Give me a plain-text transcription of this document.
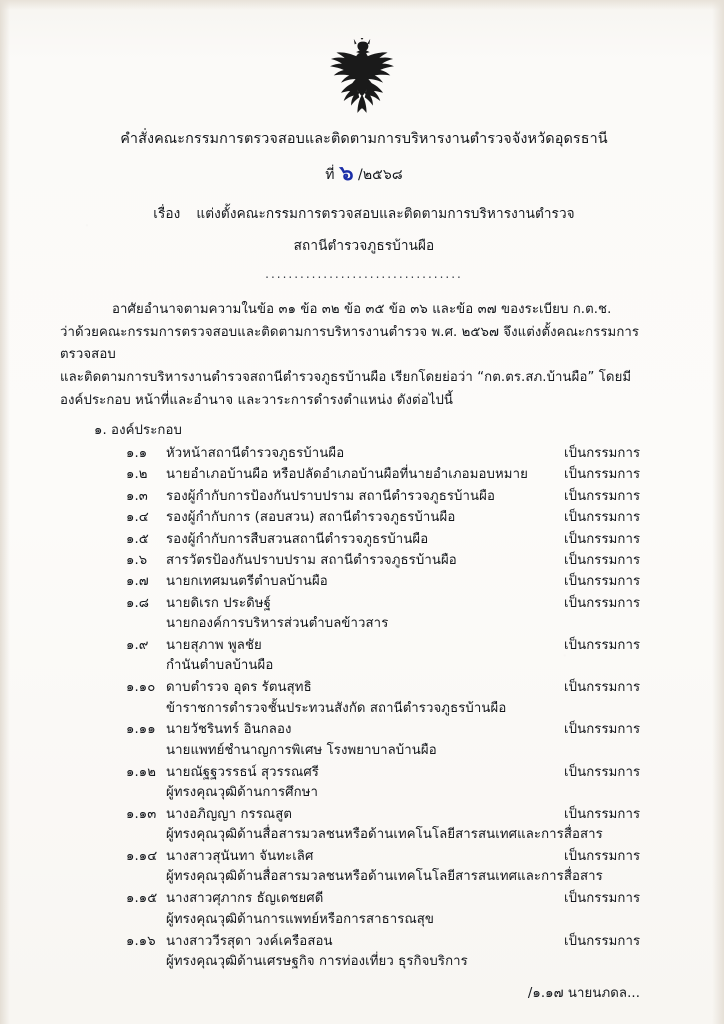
คำสั่งคณะกรรมการตรวจสอบและติดตามการบริหารงานตำรวจจังหวัดอุดรธานี
ที่ ๖ /๒๕๖๘
เรื่อง แต่งตั้งคณะกรรมการตรวจสอบและติดตามการบริหารงานตำรวจ
สถานีตำรวจภูธรบ้านผือ
..................................

อาศัยอำนาจตามความในข้อ ๓๑ ข้อ ๓๒ ข้อ ๓๕ ข้อ ๓๖ และข้อ ๓๗ ของระเบียบ ก.ต.ช.

ว่าด้วยคณะกรรมการตรวจสอบและติดตามการบริหารงานตำรวจ พ.ศ. ๒๕๖๗ จึงแต่งตั้งคณะกรรมการตรวจสอบ

และติดตามการบริหารงานตำรวจสถานีตำรวจภูธรบ้านผือ เรียกโดยย่อว่า “กต.ตร.สภ.บ้านผือ” โดยมี

องค์ประกอบ หน้าที่และอำนาจ และวาระการดำรงตำแหน่ง ดังต่อไปนี้

๑. องค์ประกอบ
๑.๑	หัวหน้าสถานีตำรวจภูธรบ้านผือ	เป็นกรรมการ
๑.๒	นายอำเภอบ้านผือ หรือปลัดอำเภอบ้านผือที่นายอำเภอมอบหมาย	เป็นกรรมการ
๑.๓	รองผู้กำกับการป้องกันปราบปราม สถานีตำรวจภูธรบ้านผือ	เป็นกรรมการ
๑.๔	รองผู้กำกับการ (สอบสวน) สถานีตำรวจภูธรบ้านผือ	เป็นกรรมการ
๑.๕	รองผู้กำกับการสืบสวนสถานีตำรวจภูธรบ้านผือ	เป็นกรรมการ
๑.๖	สารวัตรป้องกันปราบปราม สถานีตำรวจภูธรบ้านผือ	เป็นกรรมการ
๑.๗	นายกเทศมนตรีตำบลบ้านผือ	เป็นกรรมการ
๑.๘	นายดิเรก ประดิษฐ์	เป็นกรรมการ
นายกองค์การบริหารส่วนตำบลข้าวสาร
๑.๙	นายสุภาพ พูลชัย	เป็นกรรมการ
กำนันตำบลบ้านผือ
๑.๑๐ ดาบตำรวจ อุดร รัตนสุทธิ	เป็นกรรมการ
ข้าราชการตำรวจชั้นประทวนสังกัด สถานีตำรวจภูธรบ้านผือ
๑.๑๑ นายวัชรินทร์ อินกลอง	เป็นกรรมการ
นายแพทย์ชำนาญการพิเศษ โรงพยาบาลบ้านผือ
๑.๑๒ นายณัฐฐวรรธน์ สุวรรณศรี	เป็นกรรมการ
ผู้ทรงคุณวุฒิด้านการศึกษา
๑.๑๓ นางอภิญญา กรรณสูต	เป็นกรรมการ
ผู้ทรงคุณวุฒิด้านสื่อสารมวลชนหรือด้านเทคโนโลยีสารสนเทศและการสื่อสาร
๑.๑๔ นางสาวสุนันทา จันทะเลิศ	เป็นกรรมการ
ผู้ทรงคุณวุฒิด้านสื่อสารมวลชนหรือด้านเทคโนโลยีสารสนเทศและการสื่อสาร
๑.๑๕ นางสาวศุภากร ธัญเดชยศดี	เป็นกรรมการ
ผู้ทรงคุณวุฒิด้านการแพทย์หรือการสาธารณสุข
๑.๑๖ นางสาววีรสุดา วงค์เครือสอน	เป็นกรรมการ
ผู้ทรงคุณวุฒิด้านเศรษฐกิจ การท่องเที่ยว ธุรกิจบริการ
/๑.๑๗ นายนภดล...
